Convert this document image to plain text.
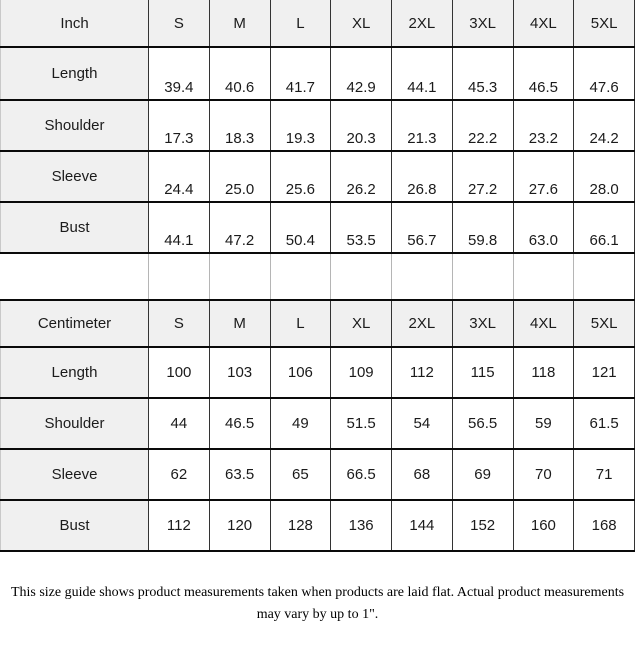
Inch	S	M	L	XL	2XL	3XL	4XL	5XL
Length	39.4	40.6	41.7	42.9	44.1	45.3	46.5	47.6
Shoulder	17.3	18.3	19.3	20.3	21.3	22.2	23.2	24.2
Sleeve	24.4	25.0	25.6	26.2	26.8	27.2	27.6	28.0
Bust	44.1	47.2	50.4	53.5	56.7	59.8	63.0	66.1

Centimeter	S	M	L	XL	2XL	3XL	4XL	5XL
Length	100	103	106	109	112	115	118	121
Shoulder	44	46.5	49	51.5	54	56.5	59	61.5
Sleeve	62	63.5	65	66.5	68	69	70	71
Bust	112	120	128	136	144	152	160	168

This size guide shows product measurements taken when products are laid flat. Actual product measurements
may vary by up to 1".
